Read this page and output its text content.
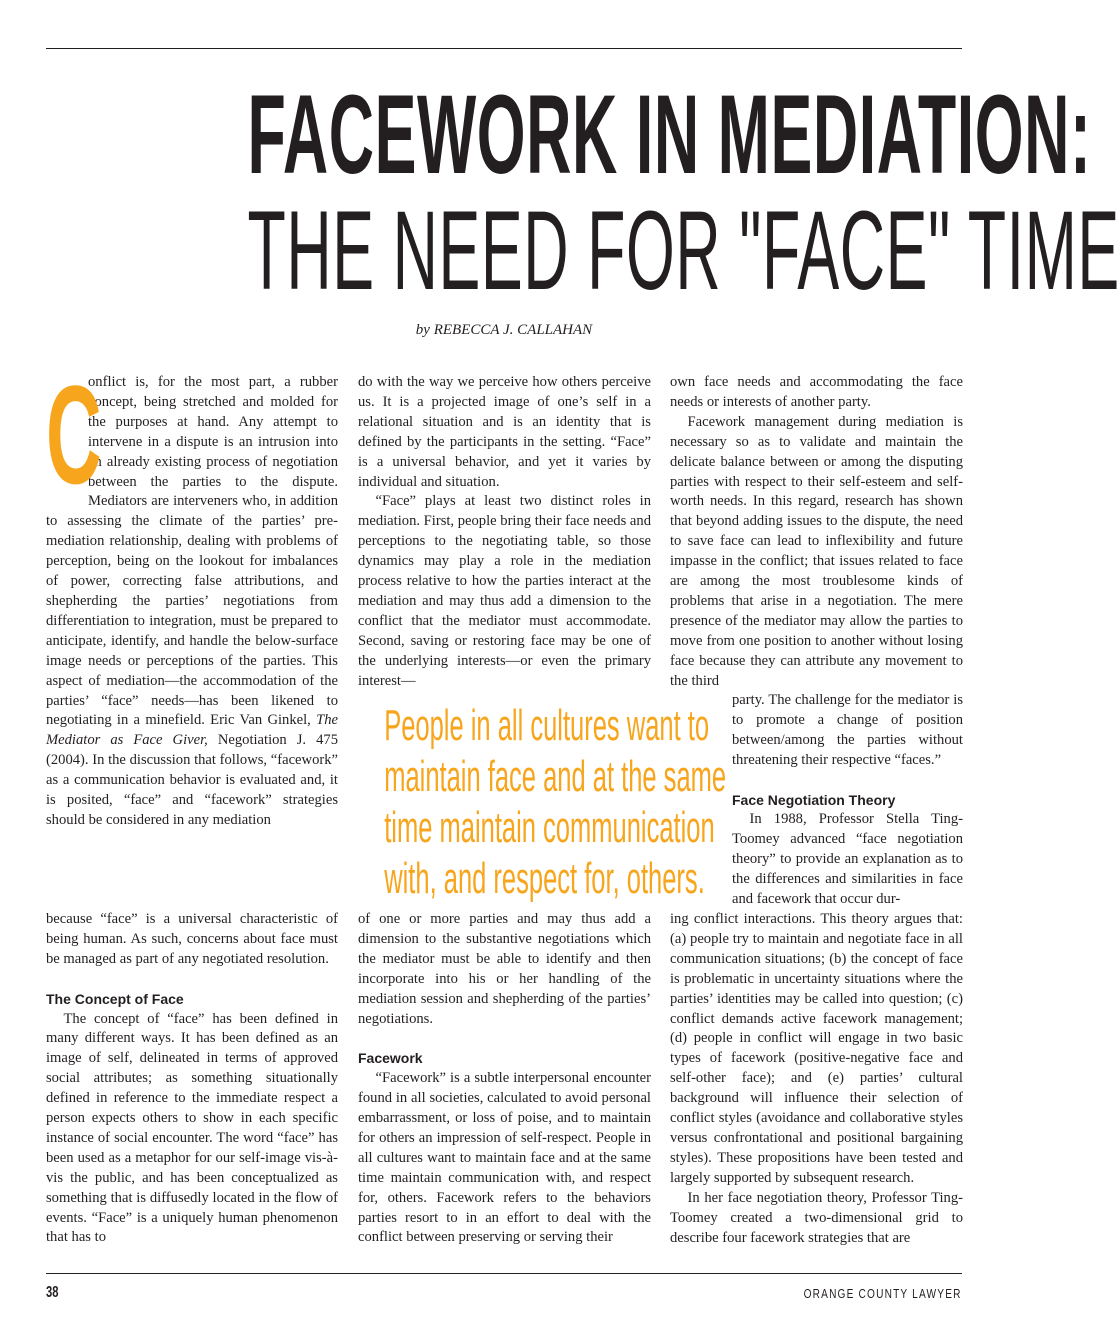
FACEWORK IN MEDIATION:
THE NEED FOR "FACE" TIME

by REBECCA J. CALLAHAN

C

onflict is, for the most part, a rubber concept, being stretched and molded for the purposes at hand. Any attempt to intervene in a dispute is an intrusion into an already existing process of negotiation between the parties to the dispute. Mediators are interveners who, in addition to assessing the climate of the parties’ pre-mediation relationship, dealing with problems of perception, being on the lookout for imbalances of power, correcting false attributions, and shepherding the parties’ negotiations from differentiation to integration, must be prepared to anticipate, identify, and handle the below-surface image needs or perceptions of the parties. This aspect of mediation—the accommodation of the parties’ “face” needs—has been likened to negotiating in a minefield. Eric Van Ginkel, The Mediator as Face Giver, Negotiation J. 475 (2004). In the discussion that follows, “facework” as a communication behavior is evaluated and, it is posited, “face” and “facework” strategies should be considered in any mediation

because “face” is a universal characteristic of being human. As such, concerns about face must be managed as part of any negotiated resolution.

The Concept of Face

The concept of “face” has been defined in many different ways. It has been defined as an image of self, delineated in terms of approved social attributes; as something situationally defined in reference to the immediate respect a person expects others to show in each specific instance of social encounter. The word “face” has been used as a metaphor for our self-image vis-à-vis the public, and has been conceptualized as something that is diffusedly located in the flow of events. “Face” is a uniquely human phenomenon that has to

do with the way we perceive how others perceive us. It is a projected image of one’s self in a relational situation and is an identity that is defined by the participants in the setting. “Face” is a universal behavior, and yet it varies by individual and situation.

“Face” plays at least two distinct roles in mediation. First, people bring their face needs and perceptions to the negotiating table, so those dynamics may play a role in the mediation process relative to how the parties interact at the mediation and may thus add a dimension to the conflict that the mediator must accommodate. Second, saving or restoring face may be one of the underlying interests—or even the primary interest—

of one or more parties and may thus add a dimension to the substantive negotiations which the mediator must be able to identify and then incorporate into his or her handling of the mediation session and shepherding of the parties’ negotiations.

Facework

“Facework” is a subtle interpersonal encounter found in all societies, calculated to avoid personal embarrassment, or loss of poise, and to maintain for others an impression of self-respect. People in all cultures want to maintain face and at the same time maintain communication with, and respect for, others. Facework refers to the behaviors parties resort to in an effort to deal with the conflict between preserving or serving their

own face needs and accommodating the face needs or interests of another party.

Facework management during mediation is necessary so as to validate and maintain the delicate balance between or among the disputing parties with respect to their self-esteem and self-worth needs. In this regard, research has shown that beyond adding issues to the dispute, the need to save face can lead to inflexibility and future impasse in the conflict; that issues related to face are among the most troublesome kinds of problems that arise in a negotiation. The mere presence of the mediator may allow the parties to move from one position to another without losing face because they can attribute any movement to the third

party. The challenge for the mediator is to promote a change of position between/among the parties without threatening their respective “faces.”

Face Negotiation Theory

In 1988, Professor Stella Ting-Toomey advanced “face negotiation theory” to provide an explanation as to the differences and similarities in face and facework that occur dur-

ing conflict interactions. This theory argues that: (a) people try to maintain and negotiate face in all communication situations; (b) the concept of face is problematic in uncertainty situations where the parties’ identities may be called into question; (c) conflict demands active facework management; (d) people in conflict will engage in two basic types of facework (positive-negative face and self-other face); and (e) parties’ cultural background will influence their selection of conflict styles (avoidance and collaborative styles versus confrontational and positional bargaining styles). These propositions have been tested and largely supported by subsequent research.

In her face negotiation theory, Professor Ting-Toomey created a two-dimensional grid to describe four facework strategies that are

People in all cultures want to
maintain face and at the same
time maintain communication
with, and respect for, others.

38	ORANGE COUNTY LAWYER
